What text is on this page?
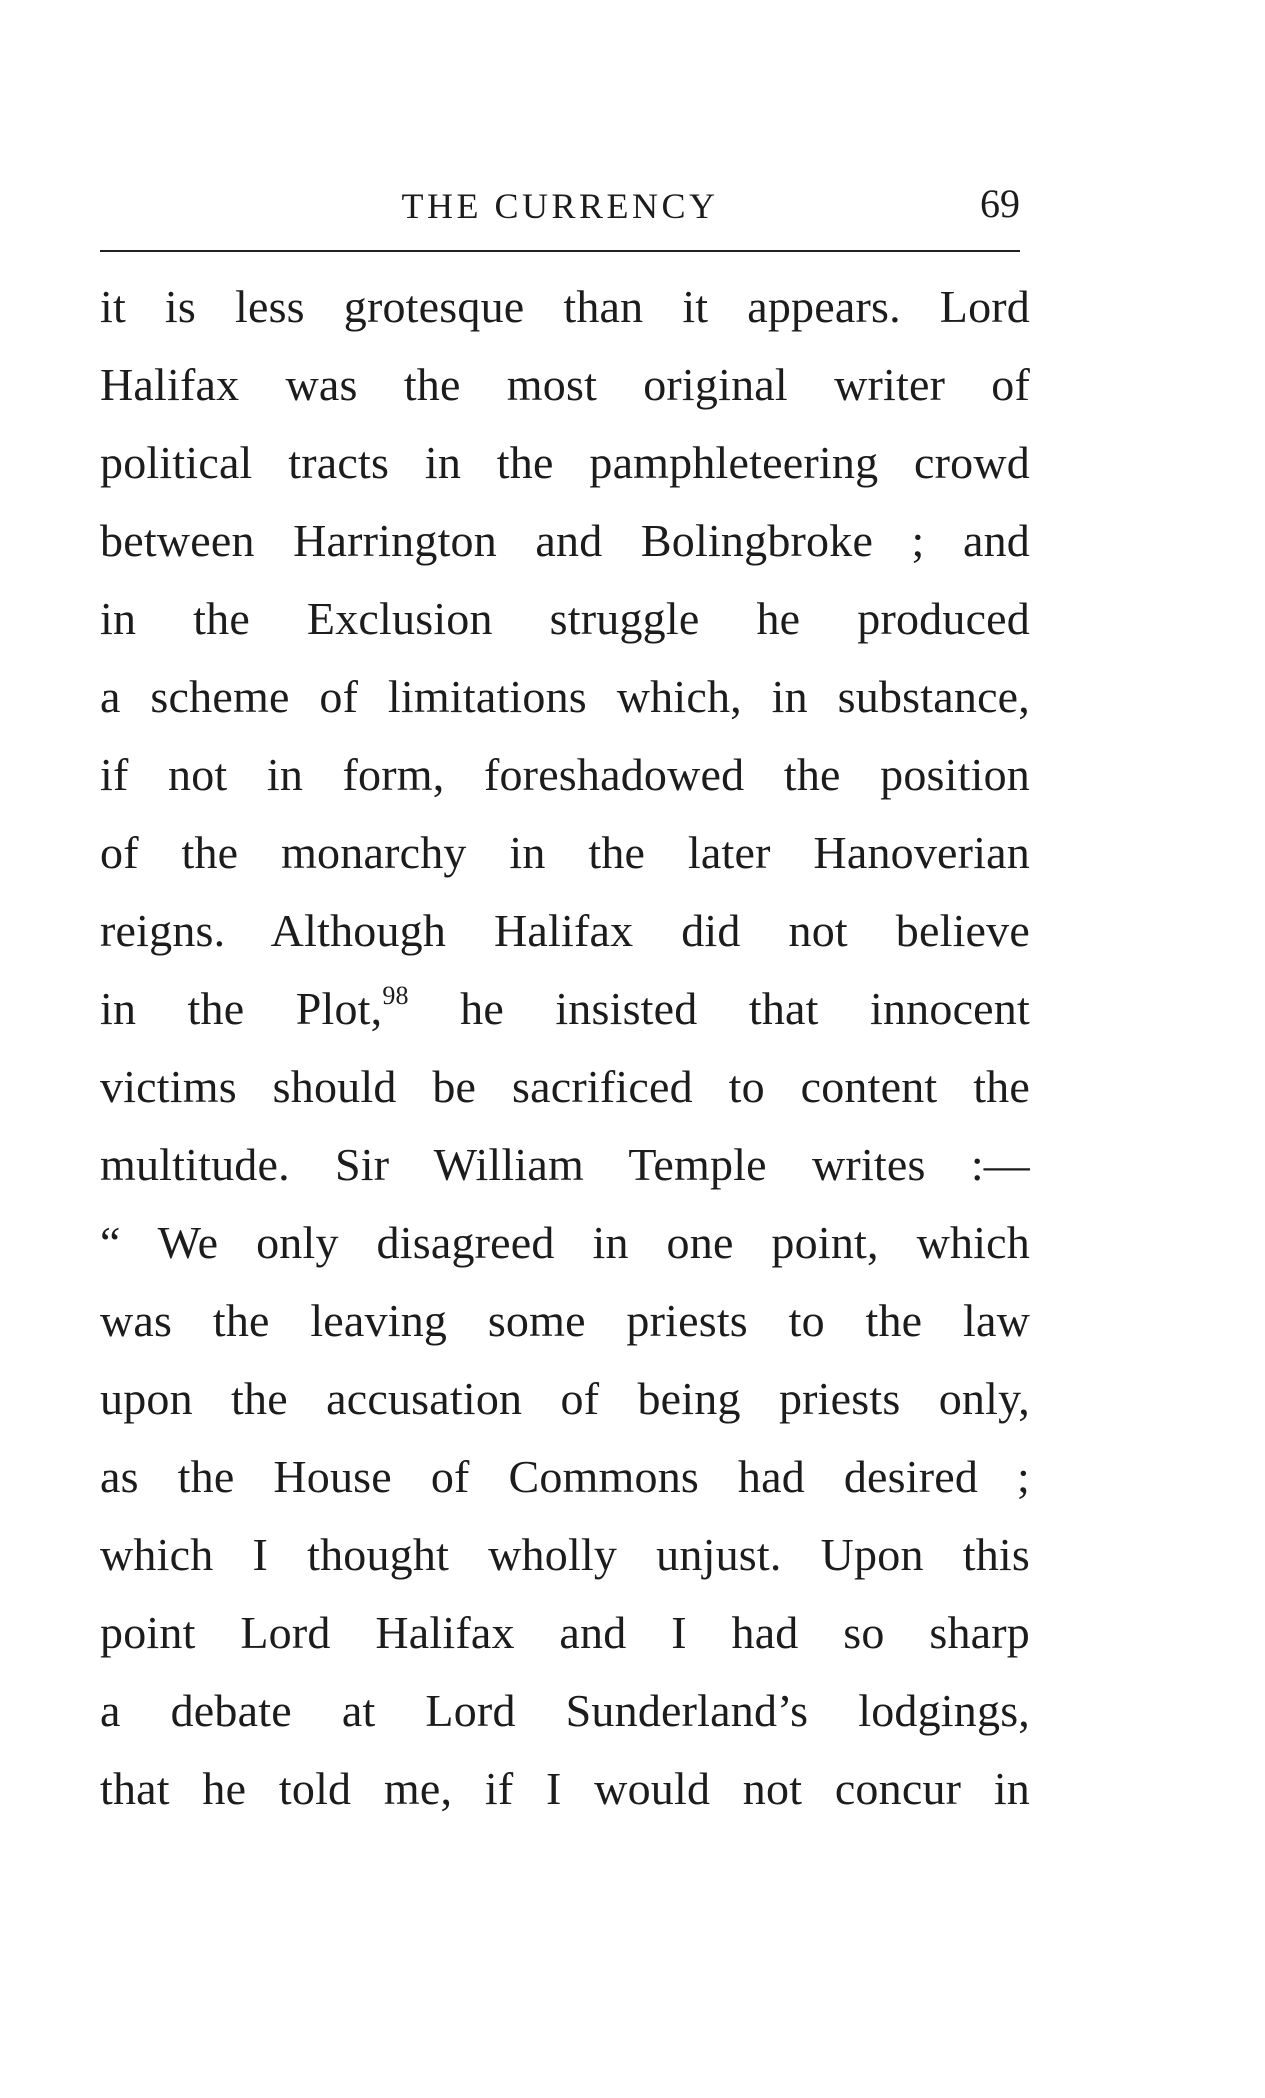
THE CURRENCY	69
it is less grotesque than it appears. Lord
Halifax was the most original writer of
political tracts in the pamphleteering crowd
between Harrington and Bolingbroke ; and
in the Exclusion struggle he produced
a scheme of limitations which, in substance,
if not in form, foreshadowed the position
of the monarchy in the later Hanoverian
reigns. Although Halifax did not believe
in the Plot,$^{98}$ he insisted that innocent
victims should be sacrificed to content the
multitude. Sir William Temple writes :—
“ We only disagreed in one point, which
was the leaving some priests to the law
upon the accusation of being priests only,
as the House of Commons had desired ;
which I thought wholly unjust. Upon this
point Lord Halifax and I had so sharp
a debate at Lord Sunderland’s lodgings,
that he told me, if I would not concur in
